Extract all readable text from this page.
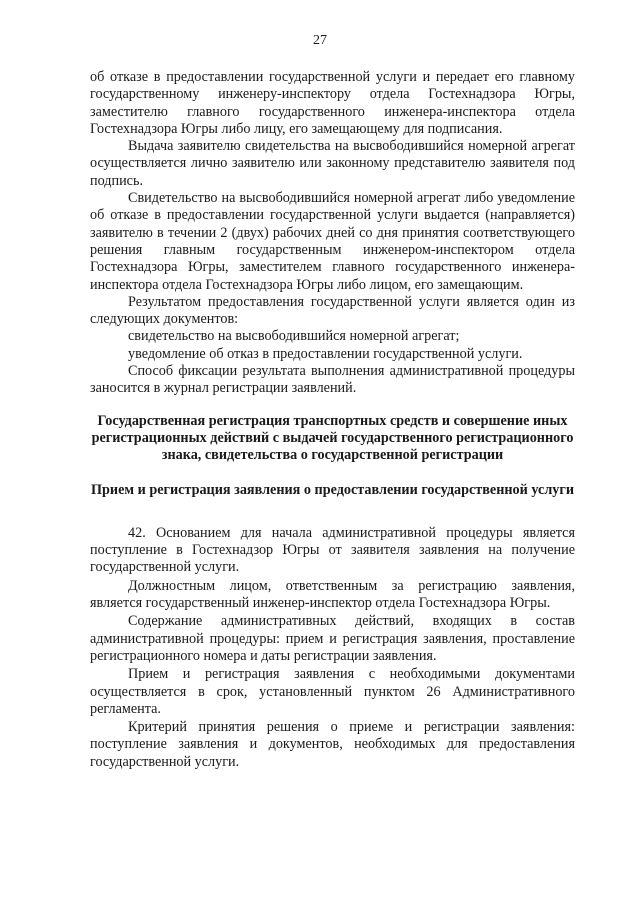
27

об отказе в предоставлении государственной услуги и передает его главному государственному инженеру-инспектору отдела Гостехнадзора Югры, заместителю главного государственного инженера-инспектора отдела Гостехнадзора Югры либо лицу, его замещающему для подписания.

Выдача заявителю свидетельства на высвободившийся номерной агрегат осуществляется лично заявителю или законному представителю заявителя под подпись.

Свидетельство на высвободившийся номерной агрегат либо уведомление об отказе в предоставлении государственной услуги выдается (направляется) заявителю в течении 2 (двух) рабочих дней со дня принятия соответствующего решения главным государственным инженером-инспектором отдела Гостехнадзора Югры, заместителем главного государственного инженера-инспектора отдела Гостехнадзора Югры либо лицом, его замещающим.

Результатом предоставления государственной услуги является один из следующих документов:

свидетельство на высвободившийся номерной агрегат;

уведомление об отказ в предоставлении государственной услуги.

Способ фиксации результата выполнения административной процедуры заносится в журнал регистрации заявлений.

Государственная регистрация транспортных средств и совершение иных регистрационных действий с выдачей государственного регистрационного знака, свидетельства о государственной регистрации

Прием и регистрация заявления о предоставлении государственной услуги

42. Основанием для начала административной процедуры является поступление в Гостехнадзор Югры от заявителя заявления на получение государственной услуги.

Должностным лицом, ответственным за регистрацию заявления, является государственный инженер-инспектор отдела Гостехнадзора Югры.

Содержание административных действий, входящих в состав административной процедуры: прием и регистрация заявления, проставление регистрационного номера и даты регистрации заявления.

Прием и регистрация заявления с необходимыми документами осуществляется в срок, установленный пунктом 26 Административного регламента.

Критерий принятия решения о приеме и регистрации заявления: поступление заявления и документов, необходимых для предоставления государственной услуги.
